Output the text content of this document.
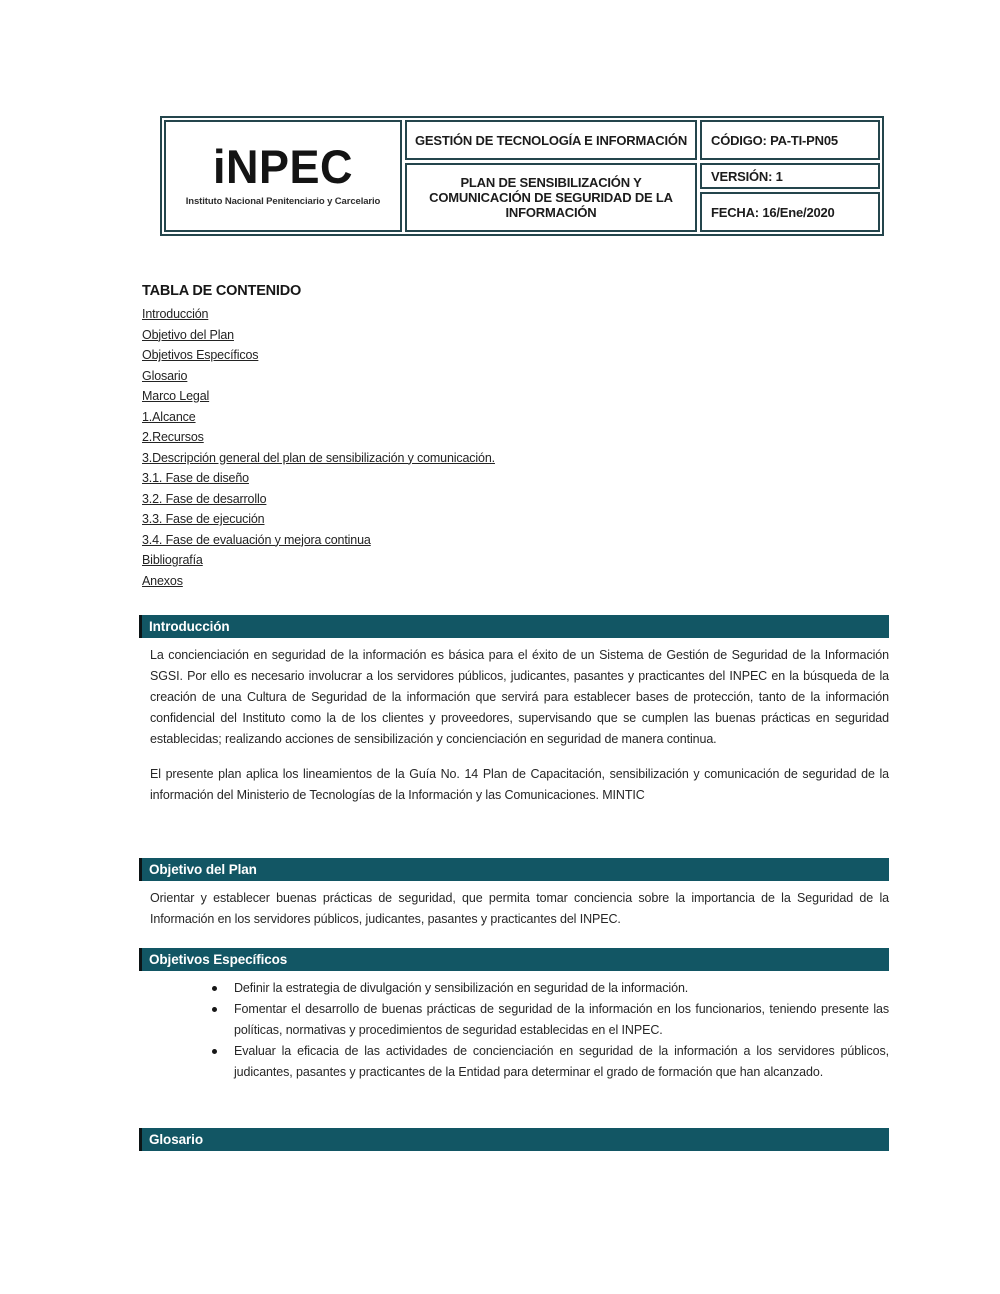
iNPEC
Instituto Nacional Penitenciario y Carcelario
GESTIÓN DE TECNOLOGÍA E INFORMACIÓN	CÓDIGO: PA-TI-PN05
PLAN DE SENSIBILIZACIÓN Y COMUNICACIÓN DE SEGURIDAD DE LA INFORMACIÓN
VERSIÓN: 1
FECHA: 16/Ene/2020
TABLA DE CONTENIDO
Introducción
Objetivo del Plan
Objetivos Específicos
Glosario
Marco Legal
1.Alcance
2.Recursos
3.Descripción general del plan de sensibilización y comunicación.
3.1. Fase de diseño
3.2. Fase de desarrollo
3.3. Fase de ejecución
3.4. Fase de evaluación y mejora continua
Bibliografía
Anexos
Introducción

La concienciación en seguridad de la información es básica para el éxito de un Sistema de Gestión de Seguridad de la Información SGSI. Por ello es necesario involucrar a los servidores públicos, judicantes, pasantes y practicantes del INPEC en la búsqueda de la creación de una Cultura de Seguridad de la información que servirá para establecer bases de protección, tanto de la información confidencial del Instituto como la de los clientes y proveedores, supervisando que se cumplen las buenas prácticas en seguridad establecidas; realizando acciones de sensibilización y concienciación en seguridad de manera continua.

El presente plan aplica los lineamientos de la Guía No. 14 Plan de Capacitación, sensibilización y comunicación de seguridad de la información del Ministerio de Tecnologías de la Información y las Comunicaciones. MINTIC

Objetivo del Plan

Orientar y establecer buenas prácticas de seguridad, que permita tomar conciencia sobre la importancia de la Seguridad de la Información en los servidores públicos, judicantes, pasantes y practicantes del INPEC.

Objetivos Específicos
Definir la estrategia de divulgación y sensibilización en seguridad de la información.
Fomentar el desarrollo de buenas prácticas de seguridad de la información en los funcionarios, teniendo presente las políticas, normativas y procedimientos de seguridad establecidas en el INPEC.
Evaluar la eficacia de las actividades de concienciación en seguridad de la información a los servidores públicos, judicantes, pasantes y practicantes de la Entidad para determinar el grado de formación que han alcanzado.
Glosario
